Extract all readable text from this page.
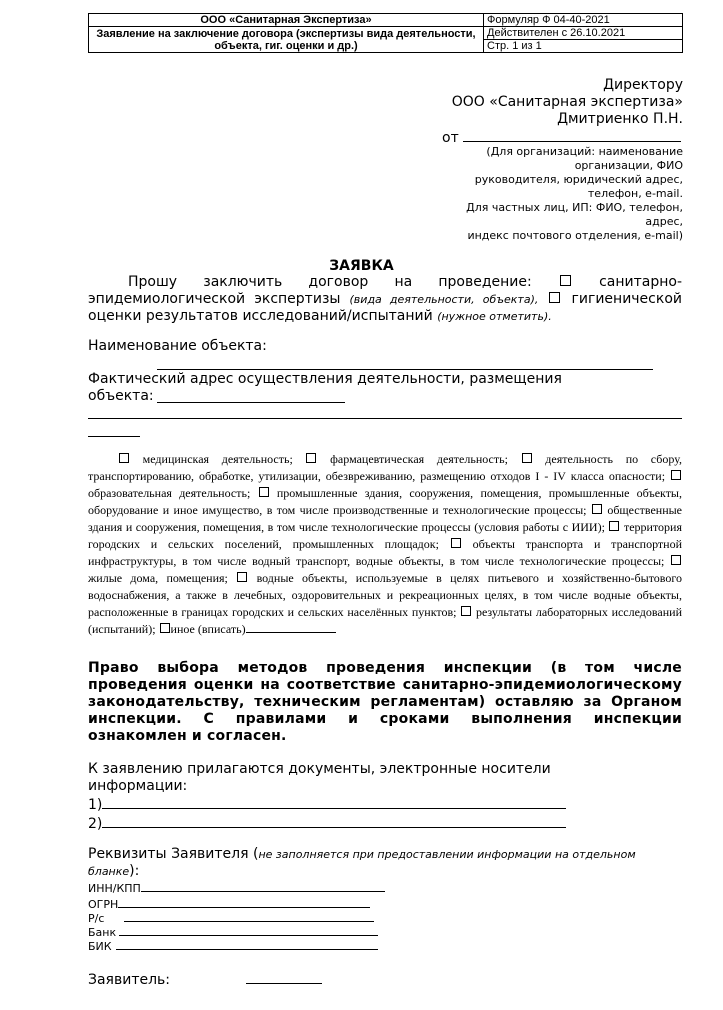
ООО «Санитарная Экспертиза»	Формуляр Ф 04-40-2021
Заявление на заключение договора (экспертизы вида деятельности, объекта, гиг. оценки и др.)	Действителен с 26.10.2021
	Стр. 1 из 1
Директору
ООО «Санитарная экспертиза»
Дмитриенко П.Н.
от
(Для организаций: наименование
организации, ФИО
руководителя, юридический адрес,
телефон, e-mail.
Для частных лиц, ИП: ФИО, телефон,
адрес,
индекс почтового отделения, e-mail)
ЗАЯВКА
Прошу заключить договор на проведение:	санитарно-эпидемиологической экспертизы (вида деятельности, объекта), гигиенической оценки результатов исследований/испытаний (нужное отметить).
Наименование объекта:
Фактический адрес осуществления деятельности, размещения объекта:
медицинская деятельность;	фармацевтическая деятельность;	деятельность по сбору, транспортированию, обработке, утилизации, обезвреживанию, размещению отходов I - IV класса опасности;  образовательная деятельность; промышленные здания, сооружения, помещения, промышленные объекты, оборудование и иное имущество, в том числе производственные и технологические процессы; общественные здания и сооружения, помещения, в том числе технологические процессы (условия работы с ИИИ); территория городских и сельских поселений, промышленных площадок;	объекты транспорта и транспортной инфраструктуры, в том числе водный транспорт, водные объекты, в том числе технологические процессы;  жилые дома, помещения; водные объекты, используемые в целях питьевого и хозяйственно-бытового водоснабжения, а также в лечебных, оздоровительных и рекреационных целях, в том числе водные объекты, расположенные в границах городских и сельских населённых пунктов; результаты лабораторных исследований (испытаний); иное (вписать)
Право выбора методов проведения инспекции (в том числе проведения оценки на соответствие санитарно-эпидемиологическому законодательству, техническим регламентам) оставляю за Органом инспекции. С правилами и сроками выполнения инспекции ознакомлен и согласен.
К заявлению прилагаются документы, электронные носители информации:
1)
2)
Реквизиты Заявителя (не заполняется при предоставлении информации на отдельном бланке):
ИНН/КПП
ОГРН
Р/с
Банк
БИК
Заявитель:
